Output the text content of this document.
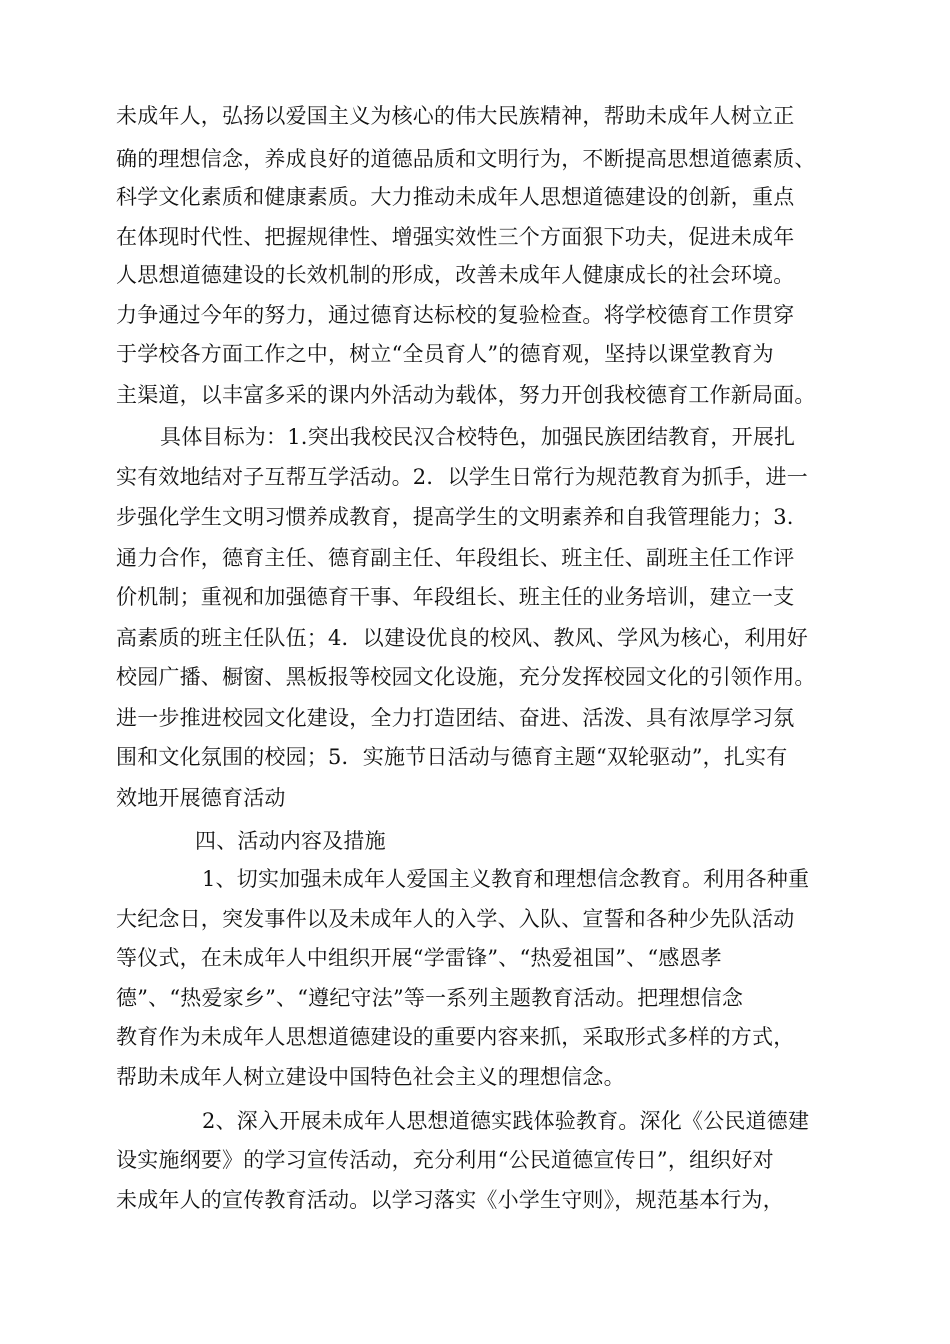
未成年人，弘扬以爱国主义为核心的伟大民族精神，帮助未成年人树立正
确的理想信念，养成良好的道德品质和文明行为，不断提高思想道德素质、
科学文化素质和健康素质。大力推动未成年人思想道德建设的创新，重点
在体现时代性、把握规律性、增强实效性三个方面狠下功夫，促进未成年
人思想道德建设的长效机制的形成，改善未成年人健康成长的社会环境。
力争通过今年的努力，通过德育达标校的复验检查。将学校德育工作贯穿
于学校各方面工作之中，树立“全员育人”的德育观，坚持以课堂教育为
主渠道，以丰富多采的课内外活动为载体，努力开创我校德育工作新局面。
具体目标为：1.突出我校民汉合校特色，加强民族团结教育，开展扎
实有效地结对子互帮互学活动。2．以学生日常行为规范教育为抓手，进一
步强化学生文明习惯养成教育，提高学生的文明素养和自我管理能力；3.
通力合作，德育主任、德育副主任、年段组长、班主任、副班主任工作评
价机制；重视和加强德育干事、年段组长、班主任的业务培训，建立一支
高素质的班主任队伍；4．以建设优良的校风、教风、学风为核心，利用好
校园广播、橱窗、黑板报等校园文化设施，充分发挥校园文化的引领作用。
进一步推进校园文化建设，全力打造团结、奋进、活泼、具有浓厚学习氛
围和文化氛围的校园；5．实施节日活动与德育主题“双轮驱动”，扎实有
效地开展德育活动
四、活动内容及措施
1、切实加强未成年人爱国主义教育和理想信念教育。利用各种重
大纪念日，突发事件以及未成年人的入学、入队、宣誓和各种少先队活动
等仪式，在未成年人中组织开展“学雷锋”、“热爱祖国”、“感恩孝
德”、“热爱家乡”、“遵纪守法”等一系列主题教育活动。把理想信念
教育作为未成年人思想道德建设的重要内容来抓，采取形式多样的方式，
帮助未成年人树立建设中国特色社会主义的理想信念。
2、深入开展未成年人思想道德实践体验教育。深化《公民道德建
设实施纲要》的学习宣传活动，充分利用“公民道德宣传日”，组织好对
未成年人的宣传教育活动。以学习落实《小学生守则》，规范基本行为，
